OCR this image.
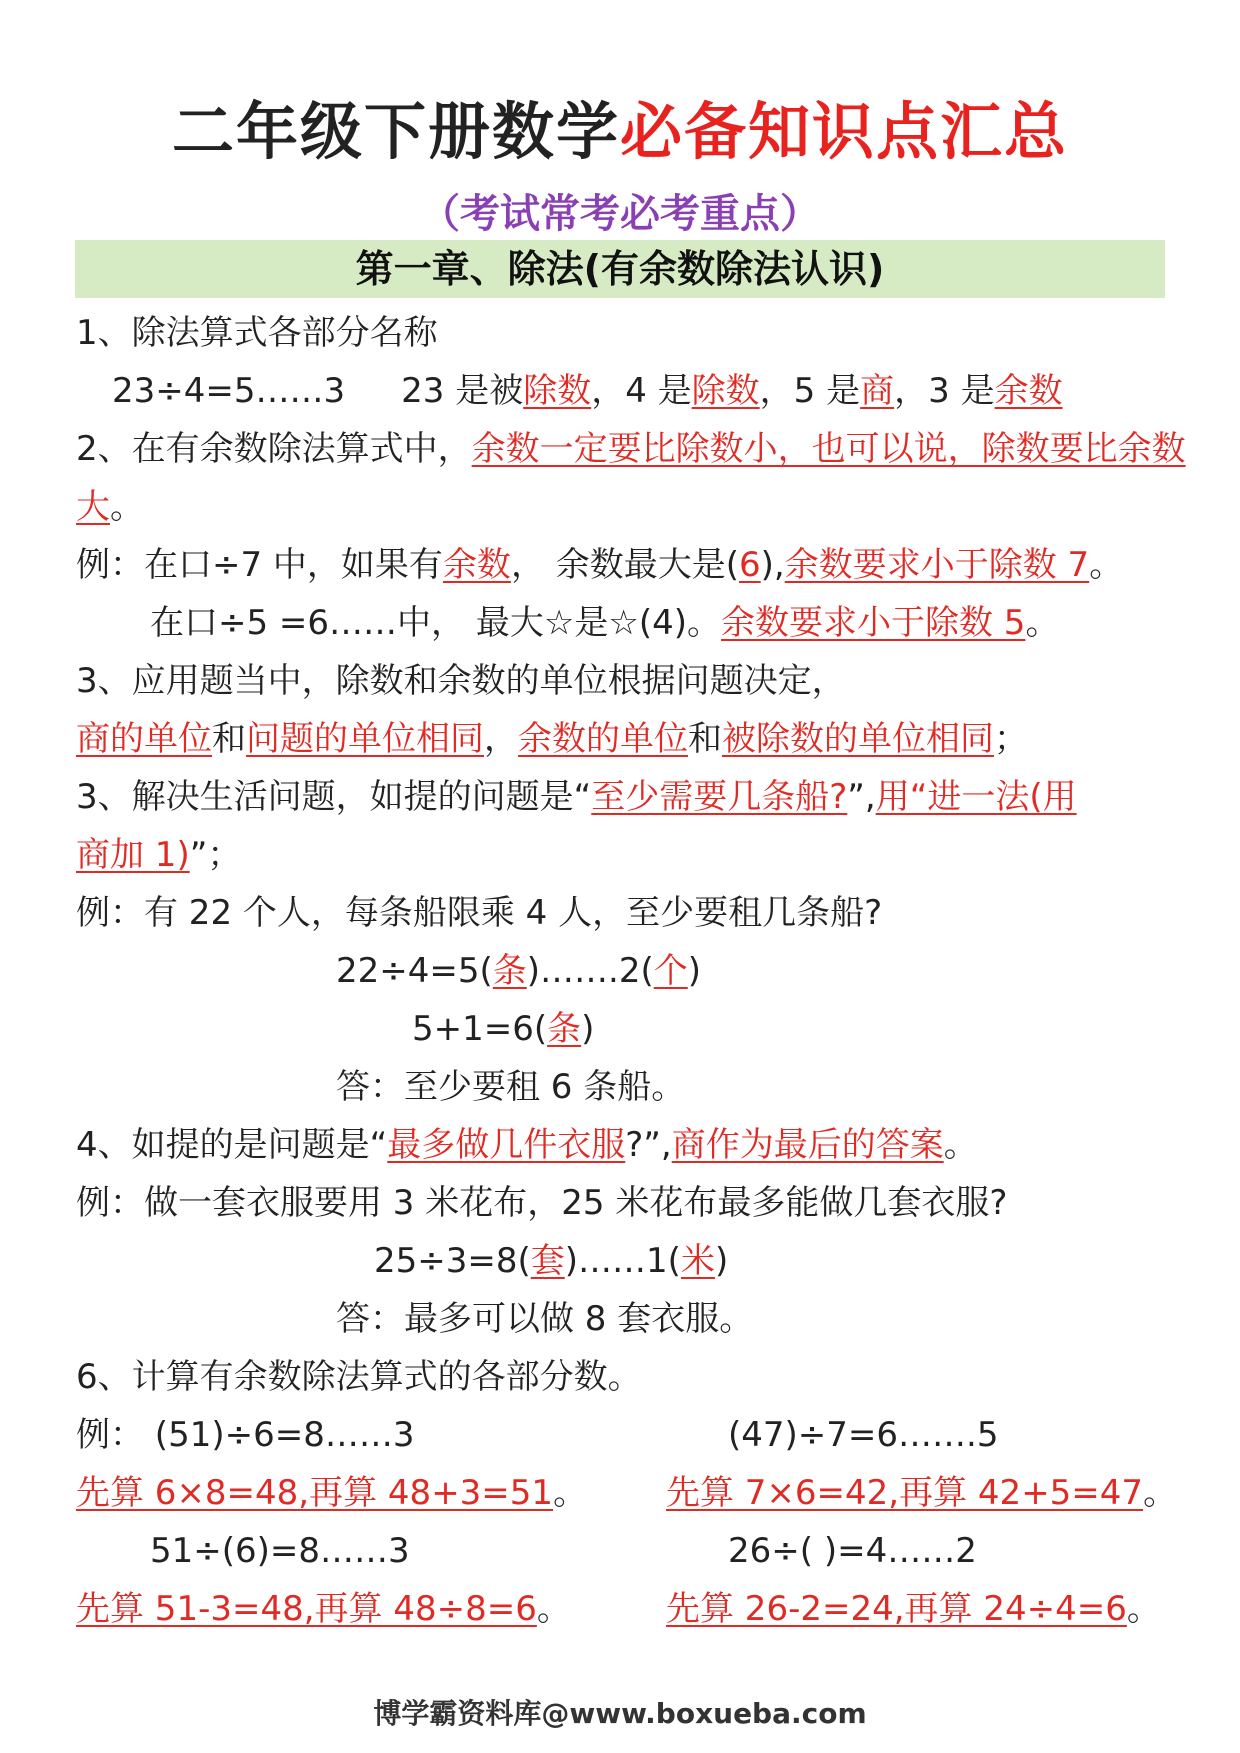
二年级下册数学必备知识点汇总
（考试常考必考重点）
第一章、除法(有余数除法认识)
1、除法算式各部分名称
23÷4=5……3 23 是被除数，4 是除数，5 是商，3 是余数
2、在有余数除法算式中，余数一定要比除数小，也可以说，除数要比余数
大。
例：在口÷7 中，如果有余数， 余数最大是(6),余数要求小于除数 7。
在口÷5 =6……中， 最大☆是☆(4)。余数要求小于除数 5。
3、应用题当中，除数和余数的单位根据问题决定，
商的单位和问题的单位相同，余数的单位和被除数的单位相同；
3、解决生活问题，如提的问题是“至少需要几条船?”,用“进一法(用
商加 1)”；
例：有 22 个人，每条船限乘 4 人，至少要租几条船?
22÷4=5(条)…….2(个)
5+1=6(条)
答：至少要租 6 条船。
4、如提的是问题是“最多做几件衣服?”,商作为最后的答案。
例：做一套衣服要用 3 米花布，25 米花布最多能做几套衣服?
25÷3=8(套)……1(米)
答：最多可以做 8 套衣服。
6、计算有余数除法算式的各部分数。
例： (51)÷6=8……3	(47)÷7=6…….5
先算 6×8=48,再算 48+3=51。 先算 7×6=42,再算 42+5=47。
51÷(6)=8……3	26÷( )=4……2
先算 51-3=48,再算 48÷8=6。	先算 26-2=24,再算 24÷4=6。
博学霸资料库@www.boxueba.com
